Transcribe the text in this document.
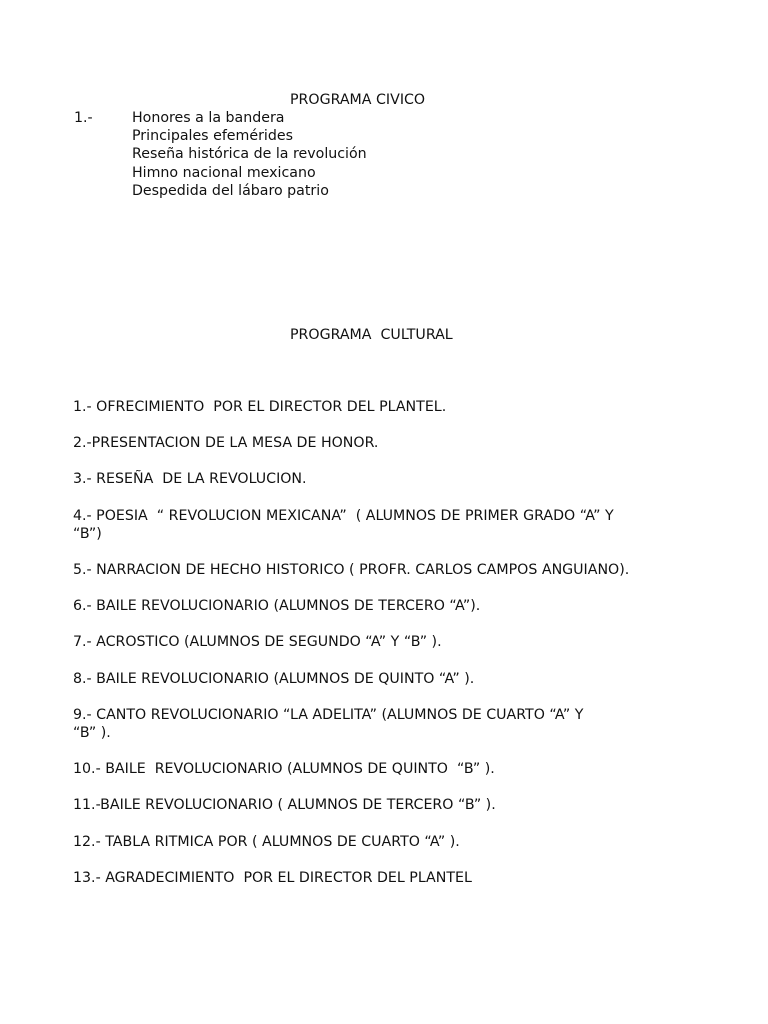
PROGRAMA CIVICO
1.-	Honores a la bandera
Principales efemérides
Reseña histórica de la revolución
Himno nacional mexicano
Despedida del lábaro patrio
PROGRAMA  CULTURAL
1.- OFRECIMIENTO  POR EL DIRECTOR DEL PLANTEL.
2.-PRESENTACION DE LA MESA DE HONOR.
3.- RESEÑA  DE LA REVOLUCION.
4.- POESIA  “ REVOLUCION MEXICANA”  ( ALUMNOS DE PRIMER GRADO “A” Y
“B”)
5.- NARRACION DE HECHO HISTORICO ( PROFR. CARLOS CAMPOS ANGUIANO).
6.- BAILE REVOLUCIONARIO (ALUMNOS DE TERCERO “A”).
7.- ACROSTICO (ALUMNOS DE SEGUNDO “A” Y “B” ).
8.- BAILE REVOLUCIONARIO (ALUMNOS DE QUINTO “A” ).
9.- CANTO REVOLUCIONARIO “LA ADELITA” (ALUMNOS DE CUARTO “A” Y
“B” ).
10.- BAILE  REVOLUCIONARIO (ALUMNOS DE QUINTO  “B” ).
11.-BAILE REVOLUCIONARIO ( ALUMNOS DE TERCERO “B” ).
12.- TABLA RITMICA POR ( ALUMNOS DE CUARTO “A” ).
13.- AGRADECIMIENTO  POR EL DIRECTOR DEL PLANTEL
